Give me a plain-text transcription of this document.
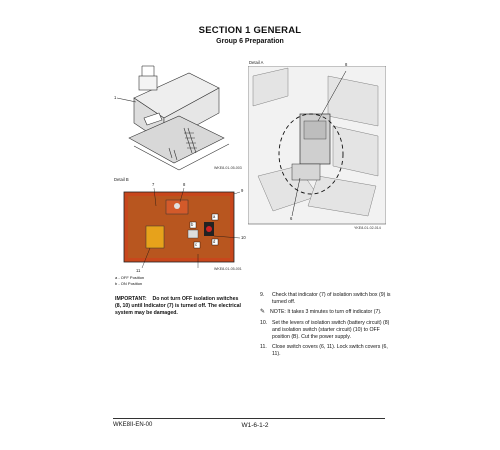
SECTION 1 GENERAL
Group 6 Preparation
1
WKE8-01-05-003
Detail B
7	8
9
10
11
a
b
c
d
WKE8-01-05-001
a - OFF Position
b - ON Position
Detail A	8
6
YKE8-01-02-014
IMPORTANT: Do not turn OFF isolation switches (8, 10) until Indicator (7) is turned off. The electrical system may be damaged.
9.	Check that indicator (7) of isolation switch box (9) is turned off.
✎ NOTE: It takes 3 minutes to turn off indicator (7).
10. Set the levers of isolation switch (battery circuit) (8) and isolation switch (starter circuit) (10) to OFF position (B). Cut the power supply.
11. Close switch covers (6, 11). Lock switch covers (6, 11).
WKE8II-EN-00	W1-6-1-2
